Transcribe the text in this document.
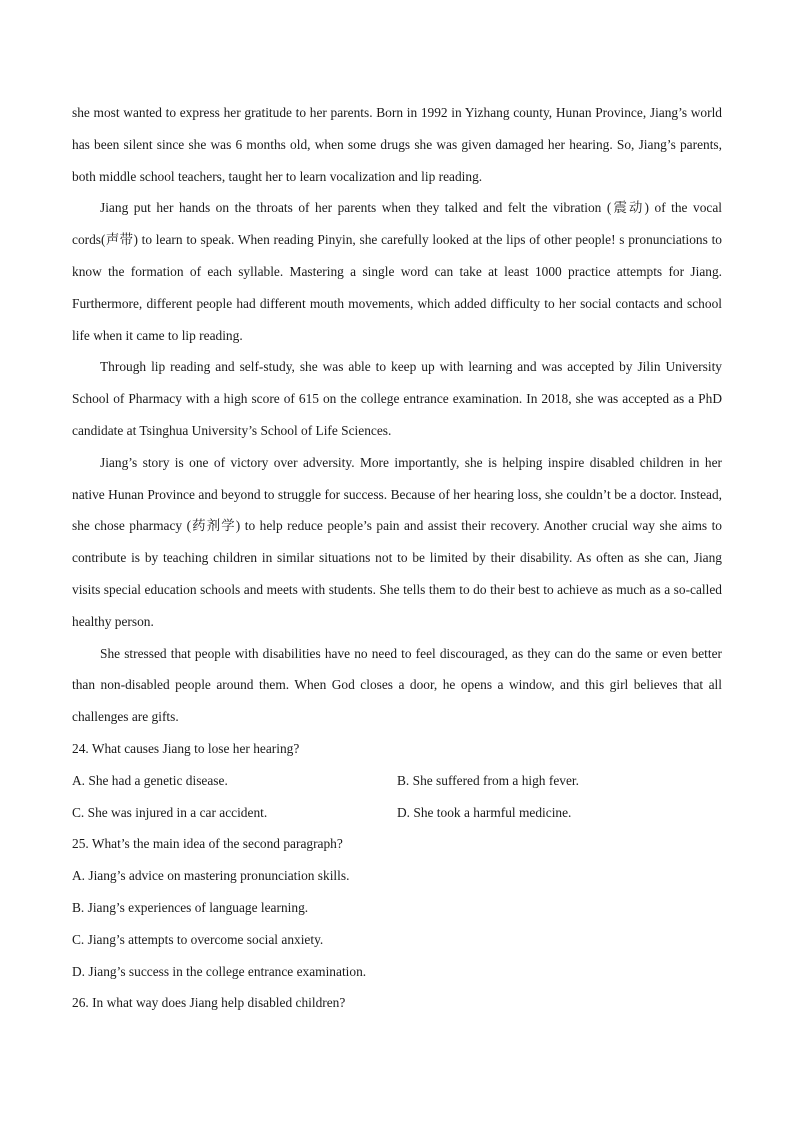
she most wanted to express her gratitude to her parents. Born in 1992 in Yizhang county, Hunan Province, Jiang’s world has been silent since she was 6 months old, when some drugs she was given damaged her hearing. So, Jiang’s parents, both middle school teachers, taught her to learn vocalization and lip reading.

Jiang put her hands on the throats of her parents when they talked and felt the vibration (震动) of the vocal cords(声带) to learn to speak. When reading Pinyin, she carefully looked at the lips of other people! s pronunciations to know the formation of each syllable. Mastering a single word can take at least 1000 practice attempts for Jiang. Furthermore, different people had different mouth movements, which added difficulty to her social contacts and school life when it came to lip reading.

Through lip reading and self-study, she was able to keep up with learning and was accepted by Jilin University School of Pharmacy with a high score of 615 on the college entrance examination. In 2018, she was accepted as a PhD candidate at Tsinghua University’s School of Life Sciences.

Jiang’s story is one of victory over adversity. More importantly, she is helping inspire disabled children in her native Hunan Province and beyond to struggle for success. Because of her hearing loss, she couldn’t be a doctor. Instead, she chose pharmacy (药剂学) to help reduce people’s pain and assist their recovery. Another crucial way she aims to contribute is by teaching children in similar situations not to be limited by their disability. As often as she can, Jiang visits special education schools and meets with students. She tells them to do their best to achieve as much as a so-called healthy person.

She stressed that people with disabilities have no need to feel discouraged, as they can do the same or even better than non-disabled people around them. When God closes a door, he opens a window, and this girl believes that all challenges are gifts.

24. What causes Jiang to lose her hearing?

A. She had a genetic disease.	B. She suffered from a high fever.
C. She was injured in a car accident.	D. She took a harmful medicine.

25. What’s the main idea of the second paragraph?

A. Jiang’s advice on mastering pronunciation skills.

B. Jiang’s experiences of language learning.

C. Jiang’s attempts to overcome social anxiety.

D. Jiang’s success in the college entrance examination.

26. In what way does Jiang help disabled children?
